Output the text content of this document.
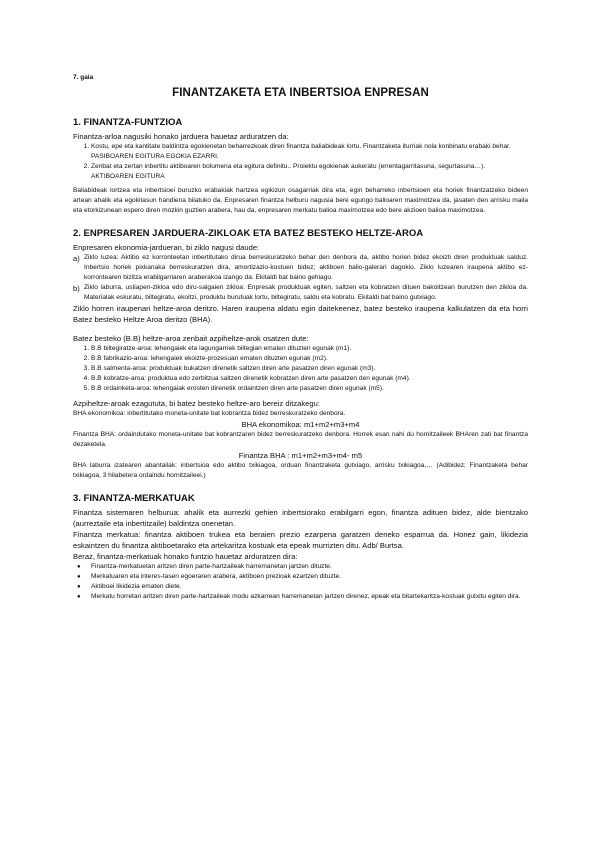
7. gaia

FINANTZAKETA ETA INBERTSIOA ENPRESAN
1. FINANTZA-FUNTZIOA

Finantza-arloa nagusiki honako jarduera hauetaz arduratzen da:

1. Kostu, epe eta kantitate baldintza egokienetan beharrezkoak diren finantza baliabideak lortu. Finantzaketa iturriak nola konbinatu erabaki behar. PASIBOAREN EGITURA EGOKIA EZARRI.
2. Zenbat eta zertan inbertitu aktiboaren bolumena eta egitura definitu.. Proiektu egokienak aukeratu (errentagarritasuna, segurtasuna…). AKTIBOAREN EGITURA

Baliabideak lortzea eta inbertsioei buruzko erabakiak hartzea egikizun osagarriak dira eta, egin beharreko inbertsioen eta horiek finantzatzeko bideen artean ahalik eta egokitasun handiena bilatuko da. Enpresaren finantza helburu nagusia bere egungo balioaren maximotzea da, jasaten den arrisku maila eta etorkizunean espero diren mozkin guztien arabera, hau da, enpresaren merkatu balioa maximotzea edo bere akzioen balioa maximotzea.

2. ENPRESAREN JARDUERA-ZIKLOAK ETA BATEZ BESTEKO HELTZE-AROA

Enpresaren ekonomia-jardueran, bi ziklo nagusi daude:

a) Ziklo luzea: Aktibo ez korronteetan inbertitutako dirua berreskuratzeko behar den denbora da, aktibo horien bidez ekoizti diren produktuak salduz. Inbertsio horiek pixkanaka berreskuratzen dira, amortizazio-kostuen bidez; aktiboen balio-galerari dagokio. Ziklo luzearen iraupena aktibo ez-korrontearen bizitza erabilgarriaren araberakoa izango da. Ekitaldi bat baino gehiago.
b) Ziklo laburra, ustiapen-zikloa edo diru-salgaien zikloa: Enpresak produktuak egiten, saltzen eta kobratzen dituen bakoitzean burutzen den zikloa da. Materialak eskuratu, biltegiratu, ekoitzi, produktu burutuak lortu, biltegiratu, saldu eta kobratu. Ekitaldi bat baino gutxiago.

Ziklo horren iraupenari heltze-aroa deritzo. Haren iraupena aldatu egin daitekeenez, batez besteko iraupena kalkulatzen da eta horri Batez besteko Heltze Aroa deritzo (BHA).

Batez besteko (B.B) heltze-aroa zenbait azpiheltze-arok osatzen dute:

1. B.B biltegiratze-aroa: lehengaiek eta lagungarriek biltegian ematen dituzten egunak (m1).
2. B.B fabrikazio-aroa: lehengaiek ekoizte-prozesuan ematen dituzten egunak (m2).
3. B.B salmenta-aroa: produktuak bukatzen direnetik saltzen diren arte pasatzen diren egunak (m3).
4. B.B kobratze-aroa: produktua edo zerbitzua saltzen direnetik kobratzen diren arte pasatzen den egunak (m4).
5. B.B ordainketa-aroa: lehengaiak erosten direnetik ordaintzen diren arte pasatzen diren egunak (m5).

Azpiheltze-aroak ezagututa, bi batez besteko heltze-aro bereiz ditzakegu:

BHA ekonomikoa: inbertitutako moneta-unitate bat kobrantza bidez berreskuratzeko denbora.

BHA ekonomikoa: m1+m2+m3+m4

Finantza BHA: ordaindutako moneta-unitate bat kobrantzaren bidez berreskuratzeko denbora. Horrek esan nahi du hornitzaileek BHAren zati bat finantza dezaketela.

Finantza BHA : m1+m2+m3+m4- m5

BHA laburra izatearen abantailak: inbertsioa edo aktibo txikiagoa, orduan finantzaketa gutxiago, arrisku txikiagoa,… (Adibidez; Finantzaketa behar txikiagoa, 3 hilabetera ordaindu hornitzaileei.)

3. FINANTZA-MERKATUAK

Finantza sistemaren helburua: ahalik eta aurrezki gehien inbertsiorako erabilgarri egon, finantza adituen bidez, alde bientzako (aurreztaile eta inbertitzaile) baldintza onenetan.

Finantza merkatua: finantza aktiboen trukea eta beraien prezio ezarpena garatzen deneko esparrua da. Honez gain, likidezia eskaintzen du finantza aktiboetarako eta artekaritza kostuak eta epeak murrizten ditu. Adb/ Burtsa.

Beraz, finantza-merkatuak honako funtzio hauetaz arduratzen dira:

● Finantza-merkatuetan aritzen diren parte-hartzaileak harremanetan jartzen dituzte.
● Merkatuaren eta interes-tasen egoeraren arabera, aktiboen prezioak ezartzen dituzte.
● Aktiboei likidezia ematen diete.
● Merkatu horretan aritzen diren parte-hartzaileak modu azkarrean harremanetan jartzen direnez, epeak eta bitartekaritza-kostuak gutxitu egiten dira.
